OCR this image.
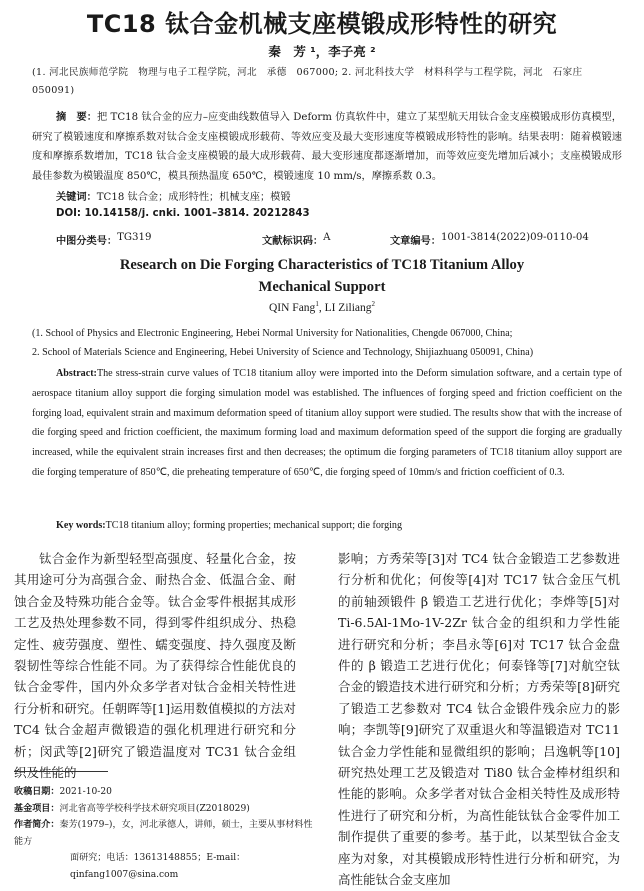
TC18 钛合金机械支座模锻成形特性的研究
秦　芳 ¹，李子亮 ²
(1. 河北民族师范学院　物理与电子工程学院，河北　承德　067000; 2. 河北科技大学　材料科学与工程学院，河北　石家庄　050091)
摘　要：把 TC18 钛合金的应力–应变曲线数值导入 Deform 仿真软件中，建立了某型航天用钛合金支座模锻成形仿真模型，研究了模锻速度和摩擦系数对钛合金支座模锻成形载荷、等效应变及最大变形速度等模锻成形特性的影响。结果表明：随着模锻速度和摩擦系数增加，TC18 钛合金支座模锻的最大成形载荷、最大变形速度都逐渐增加，而等效应变先增加后减小；支座模锻成形最佳参数为模锻温度 850℃，模具预热温度 650℃，模锻速度 10 mm/s，摩擦系数 0.3。
关键词：TC18 钛合金；成形特性；机械支座；模锻
DOI: 10.14158/j. cnki. 1001–3814. 20212843
中图分类号： TG319	文献标识码： A	文章编号： 1001-3814(2022)09-0110-04
Research on Die Forging Characteristics of TC18 Titanium Alloy
Mechanical Support
QIN Fang$^1$, LI Ziliang$^2$
(1. School of Physics and Electronic Engineering, Hebei Normal University for Nationalities, Chengde 067000, China;
2. School of Materials Science and Engineering, Hebei University of Science and Technology, Shijiazhuang 050091, China)
Abstract:The stress-strain curve values of TC18 titanium alloy were imported into the Deform simulation software, and a certain type of aerospace titanium alloy support die forging simulation model was established. The influences of forging speed and friction coefficient on the forging load, equivalent strain and maximum deformation speed of titanium alloy support were studied. The results show that with the increase of die forging speed and friction coefficient, the maximum forming load and maximum deformation speed of the support die forging are gradually increased, while the equivalent strain increases first and then decreases; the optimum die forging parameters of TC18 titanium alloy support are die forging temperature of 850℃, die preheating temperature of 650℃, die forging speed of 10mm/s and friction coefficient of 0.3.
Key words:TC18 titanium alloy; forming properties; mechanical support; die forging

钛合金作为新型轻型高强度、轻量化合金，按其用途可分为高强合金、耐热合金、低温合金、耐蚀合金及特殊功能合金等。钛合金零件根据其成形工艺及热处理参数不同，得到零件组织成分、热稳定性、疲劳强度、塑性、蠕变强度、持久强度及断裂韧性等综合性能不同。为了获得综合性能优良的钛合金零件，国内外众多学者对钛合金相关特性进行分析和研究。任朝晖等[1]运用数值模拟的方法对 TC4 钛合金超声微锻造的强化机理进行研究和分析；闵武等[2]研究了锻造温度对 TC31 钛合金组织及性能的

影响；方秀荣等[3]对 TC4 钛合金锻造工艺参数进行分析和优化；何俊等[4]对 TC17 钛合金压气机的前轴颈锻件 β 锻造工艺进行优化；李烨等[5]对 Ti-6.5Al-1Mo-1V-2Zr 钛合金的组织和力学性能进行研究和分析；李昌永等[6]对 TC17 钛合金盘件的 β 锻造工艺进行优化；何泰锋等[7]对航空钛合金的锻造技术进行研究和分析；方秀荣等[8]研究了锻造工艺参数对 TC4 钛合金锻件残余应力的影响；李凯等[9]研究了双重退火和等温锻造对 TC11 钛合金力学性能和显微组织的影响；吕逸帆等[10]研究热处理工艺及锻造对 Ti80 钛合金棒材组织和性能的影响。众多学者对钛合金相关特性及成形特性进行了研究和分析，为高性能钛钛合金零件加工制作提供了重要的参考。基于此，以某型钛合金支座为对象，对其模锻成形特性进行分析和研究，为高性能钛合金支座加

收稿日期：2021-10-20
基金项目：河北省高等学校科学技术研究项目(Z2018029)
作者简介：秦芳(1979–)，女，河北承德人，讲师，硕士，主要从事材料性能方
面研究；电话：13613148855；E-mail：qinfang1007@sina.com
